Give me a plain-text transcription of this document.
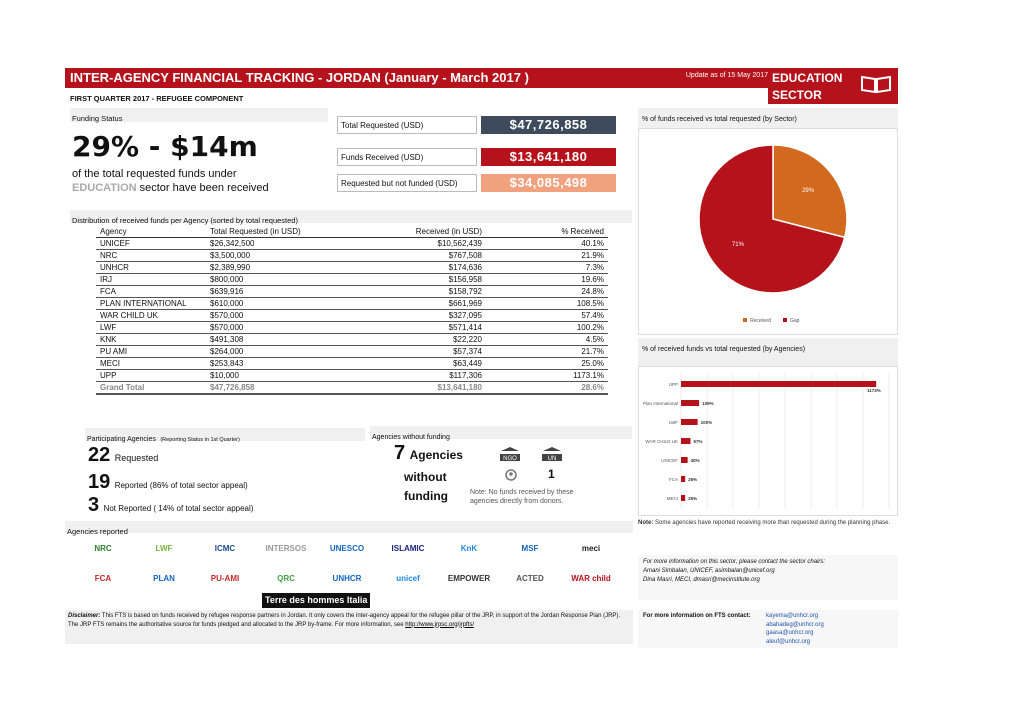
INTER-AGENCY FINANCIAL TRACKING - JORDAN (January - March 2017 )	Update as of 15 May 2017 EDUCATION
SECTOR
FIRST QUARTER 2017 - REFUGEE COMPONENT
Funding Status
29% - $14m
of the total requested funds under
EDUCATION sector have been received
Total Requested (USD)	$47,726,858
Funds Received (USD)	$13,641,180
Requested but not funded (USD)	$34,085,498
Distribution of received funds per Agency (sorted by total requested)
Agency	Total Requested (in USD)	Received (in USD)	% Received
UNICEF	$26,342,500	$10,562,439	40.1%
NRC	$3,500,000	$767,508	21.9%
UNHCR	$2,389,990	$174,636	7.3%
IRJ	$800,000	$156,958	19.6%
FCA	$639,916	$158,792	24.8%
PLAN INTERNATIONAL	$610,000	$661,969	108.5%
WAR CHILD UK	$570,000	$327,095	57.4%
LWF	$570,000	$571,414	100.2%
KNK	$491,308	$22,220	4.5%
PU AMI	$264,000	$57,374	21.7%
MECI	$253,843	$63,449	25.0%
UPP	$10,000	$117,306	1173.1%
Grand Total	$47,726,858	$13,641,180	28.6%
Participating Agencies (Reporting Status in 1st Quarter)
22 Requested
19 Reported (86% of total sector appeal)
3 Not Reported ( 14% of total sector appeal)
Agencies without funding
7 Agencies
without
funding
NGO	UN
1
Note: No funds received by these
agencies directly from donors.
Agencies reported
NRC	LWF	ICMC	INTERSOS	UNESCO	ISLAMIC	KnK	MSF	meci
FCA	PLAN	PU-AMI	QRC	UNHCR	unicef	EMPOWER	ACTED	WAR child
Terre des hommes Italia
Disclaimer: This FTS is based on funds received by refugee response partners in Jordan. It only covers the inter-agency appeal for the refugee pillar of the JRP, in support of the Jordan Response Plan (JRP). The JRP FTS remains the authoritative source for funds pledged and allocated to the JRP by-frame. For more information, see http://www.jrpsc.org/jrpfts/
% of funds received vs total requested (by Sector)
29%
71%
Received	Gap
% of received funds vs total requested (by Agencies)
UPP
1173%
Plan International	109%
LWF	100%
WAR CHILD UK	57%
UNICEF	40%
FCA 25%
MECI 25%
Note: Some agencies have reported receiving more than requested during the planning phase.
For more information on this sector, please contact the sector chairs:
Amani Simbalan, UNICEF, asimbalan@unicef.org
Dina Masri, MECI, dmasri@mecinstitute.org
For more information on FTS contact:	kayema@unhcr.org
abahadeg@unhcr.org
gaasa@unhcr.org
aleuf@unhcr.org
